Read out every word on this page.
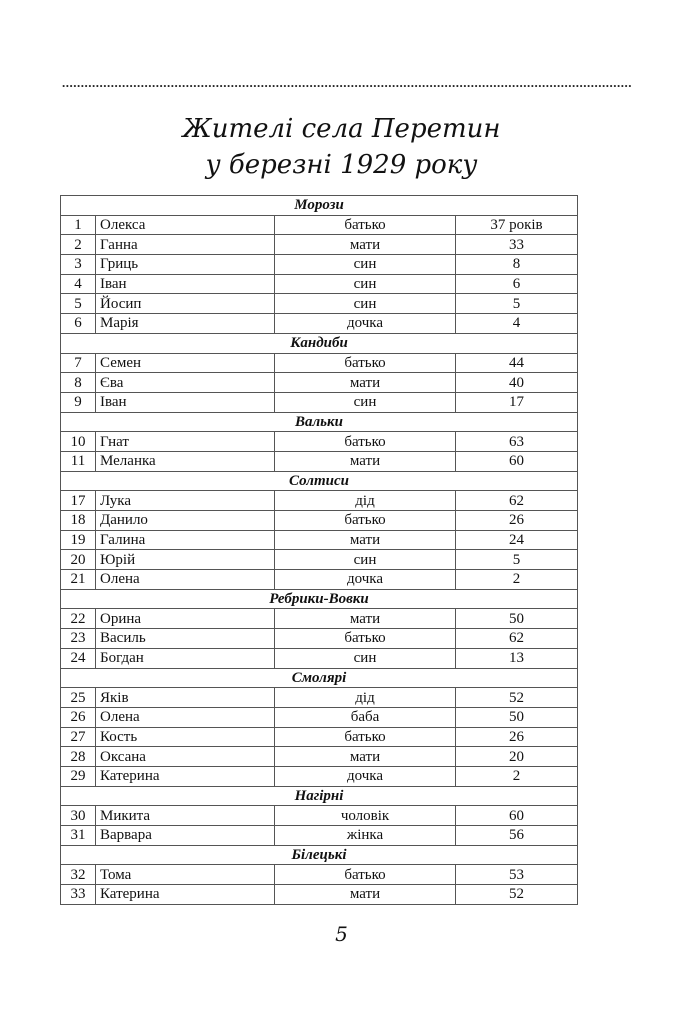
........................................................................................................................................................
Жителі села Перетин
у березні 1929 року
Морози			
1	Олекса	батько	37 років
2	Ганна	мати	33
3	Гриць	син	8
4	Іван	син	6
5	Йосип	син	5
6	Марія	дочка	4
Кандиби			
7	Семен	батько	44
8	Єва	мати	40
9	Іван	син	17
Вальки			
10	Гнат	батько	63
11	Меланка	мати	60
Солтиси			
17	Лука	дід	62
18	Данило	батько	26
19	Галина	мати	24
20	Юрій	син	5
21	Олена	дочка	2
Ребрики-Вовки			
22	Орина	мати	50
23	Василь	батько	62
24	Богдан	син	13
Смолярі			
25	Яків	дід	52
26	Олена	баба	50
27	Кость	батько	26
28	Оксана	мати	20
29	Катерина	дочка	2
Нагірні			
30	Микита	чоловік	60
31	Варвара	жінка	56
Білецькі			
32	Тома	батько	53
33	Катерина	мати	52
5
